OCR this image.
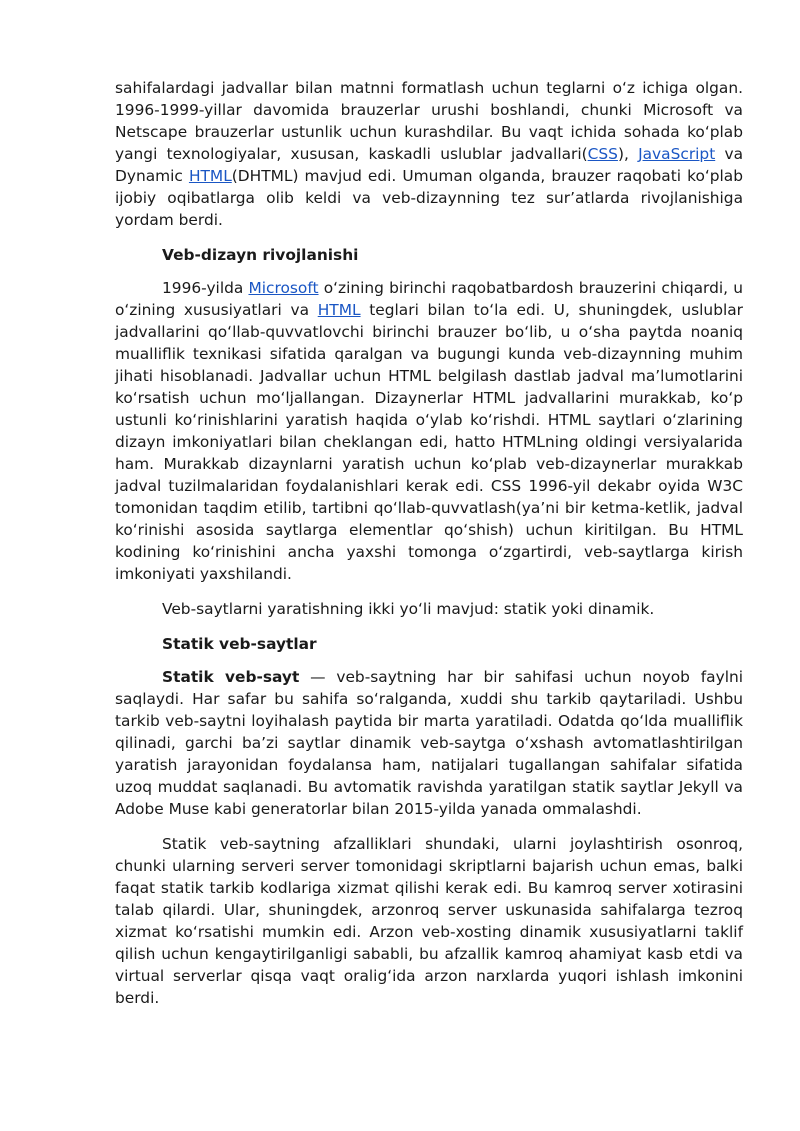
sahifalardagi jadvallar bilan matnni formatlash uchun teglarni oʻz ichiga olgan. 1996-1999-yillar davomida brauzerlar urushi boshlandi, chunki Microsoft va Netscape brauzerlar ustunlik uchun kurashdilar. Bu vaqt ichida sohada koʻplab yangi texnologiyalar, xususan, kaskadli uslublar jadvallari(CSS), JavaScript va Dynamic HTML(DHTML) mavjud edi. Umuman olganda, brauzer raqobati koʻplab ijobiy oqibatlarga olib keldi va veb-dizaynning tez surʼatlarda rivojlanishiga yordam berdi.

Veb-dizayn rivojlanishi

1996-yilda Microsoft oʻzining birinchi raqobatbardosh brauzerini chiqardi, u oʻzining xususiyatlari va HTML teglari bilan toʻla edi. U, shuningdek, uslublar jadvallarini qoʻllab-quvvatlovchi birinchi brauzer boʻlib, u oʻsha paytda noaniq mualliflik texnikasi sifatida qaralgan va bugungi kunda veb-dizaynning muhim jihati hisoblanadi. Jadvallar uchun HTML belgilash dastlab jadval maʼlumotlarini koʻrsatish uchun moʻljallangan. Dizaynerlar HTML jadvallarini murakkab, koʻp ustunli koʻrinishlarini yaratish haqida oʻylab koʻrishdi. HTML saytlari oʻzlarining dizayn imkoniyatlari bilan cheklangan edi, hatto HTMLning oldingi versiyalarida ham. Murakkab dizaynlarni yaratish uchun koʻplab veb-dizaynerlar murakkab jadval tuzilmalaridan foydalanishlari kerak edi. CSS 1996-yil dekabr oyida W3C tomonidan taqdim etilib, tartibni qoʻllab-quvvatlash(yaʼni bir ketma-ketlik, jadval koʻrinishi asosida saytlarga elementlar qoʻshish) uchun kiritilgan. Bu HTML kodining koʻrinishini ancha yaxshi tomonga oʻzgartirdi, veb-saytlarga kirish imkoniyati yaxshilandi.

Veb-saytlarni yaratishning ikki yoʻli mavjud: statik yoki dinamik.

Statik veb-saytlar

Statik veb-sayt — veb-saytning har bir sahifasi uchun noyob faylni saqlaydi. Har safar bu sahifa soʻralganda, xuddi shu tarkib qaytariladi. Ushbu tarkib veb-saytni loyihalash paytida bir marta yaratiladi. Odatda qoʻlda mualliflik qilinadi, garchi baʼzi saytlar dinamik veb-saytga oʻxshash avtomatlashtirilgan yaratish jarayonidan foydalansa ham, natijalari tugallangan sahifalar sifatida uzoq muddat saqlanadi. Bu avtomatik ravishda yaratilgan statik saytlar Jekyll va Adobe Muse kabi generatorlar bilan 2015-yilda yanada ommalashdi.

Statik veb-saytning afzalliklari shundaki, ularni joylashtirish osonroq, chunki ularning serveri server tomonidagi skriptlarni bajarish uchun emas, balki faqat statik tarkib kodlariga xizmat qilishi kerak edi. Bu kamroq server xotirasini talab qilardi. Ular, shuningdek, arzonroq server uskunasida sahifalarga tezroq xizmat koʻrsatishi mumkin edi. Arzon veb-xosting dinamik xususiyatlarni taklif qilish uchun kengaytirilganligi sababli, bu afzallik kamroq ahamiyat kasb etdi va virtual serverlar qisqa vaqt oraligʻida arzon narxlarda yuqori ishlash imkonini berdi.
